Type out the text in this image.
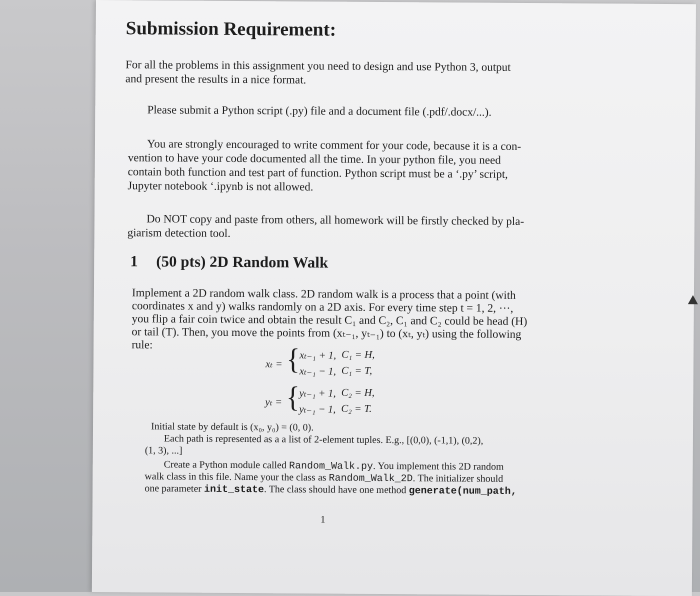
Submission Requirement:
For all the problems in this assignment you need to design and use Python 3, output
and present the results in a nice format.
Please submit a Python script (.py) file and a document file (.pdf/.docx/...).
You are strongly encouraged to write comment for your code, because it is a con-
vention to have your code documented all the time. In your python file, you need
contain both function and test part of function. Python script must be a ‘.py’ script,
Jupyter notebook ‘.ipynb is not allowed.
Do NOT copy and paste from others, all homework will be firstly checked by pla-
giarism detection tool.
1 (50 pts) 2D Random Walk
Implement a 2D random walk class. 2D random walk is a process that a point (with
coordinates x and y) walks randomly on a 2D axis. For every time step t = 1, 2, ···,
you flip a fair coin twice and obtain the result C₁ and C₂, C₁ and C₂ could be head (H)
or tail (T). Then, you move the points from (xₜ₋₁, yₜ₋₁) to (xₜ, yₜ) using the following
rule:
xₜ = { xₜ₋₁ + 1, C₁ = H,
xₜ₋₁ − 1, C₁ = T,
yₜ = { yₜ₋₁ + 1, C₂ = H,
yₜ₋₁ − 1, C₂ = T.
Initial state by default is (x₀, y₀) = (0, 0).
Each path is represented as a a list of 2-element tuples. E.g., [(0,0), (-1,1), (0,2),
(1, 3), ...]
Create a Python module called Random_Walk.py. You implement this 2D random
walk class in this file. Name your the class as Random_Walk_2D. The initializer should
one parameter init_state. The class should have one method generate(num_path,
1
